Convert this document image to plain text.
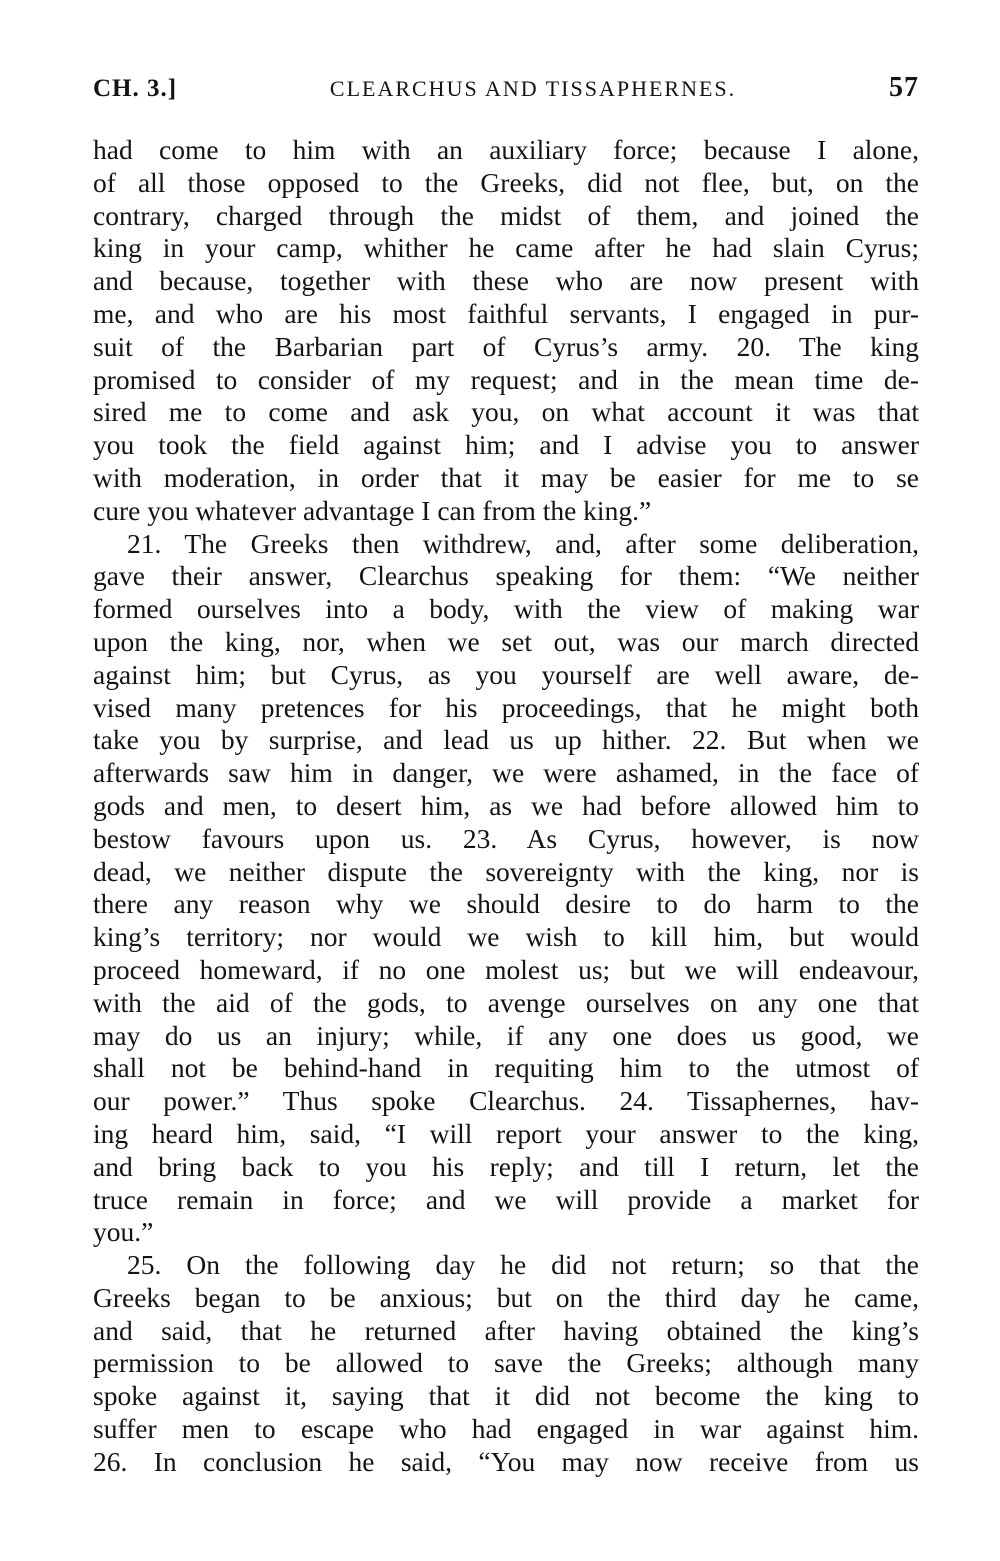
CH. 3.]	CLEARCHUS AND TISSAPHERNES.	57
had come to him with an auxiliary force; because I alone,
of all those opposed to the Greeks, did not flee, but, on the
contrary, charged through the midst of them, and joined the
king in your camp, whither he came after he had slain Cyrus;
and because, together with these who are now present with
me, and who are his most faithful servants, I engaged in pur-
suit of the Barbarian part of Cyrus’s army. 20. The king
promised to consider of my request; and in the mean time de-
sired me to come and ask you, on what account it was that
you took the field against him; and I advise you to answer
with moderation, in order that it may be easier for me to se
cure you whatever advantage I can from the king.”
21. The Greeks then withdrew, and, after some deliberation,
gave their answer, Clearchus speaking for them: “We neither
formed ourselves into a body, with the view of making war
upon the king, nor, when we set out, was our march directed
against him; but Cyrus, as you yourself are well aware, de-
vised many pretences for his proceedings, that he might both
take you by surprise, and lead us up hither. 22. But when we
afterwards saw him in danger, we were ashamed, in the face of
gods and men, to desert him, as we had before allowed him to
bestow favours upon us. 23. As Cyrus, however, is now
dead, we neither dispute the sovereignty with the king, nor is
there any reason why we should desire to do harm to the
king’s territory; nor would we wish to kill him, but would
proceed homeward, if no one molest us; but we will endeavour,
with the aid of the gods, to avenge ourselves on any one that
may do us an injury; while, if any one does us good, we
shall not be behind-hand in requiting him to the utmost of
our power.” Thus spoke Clearchus. 24. Tissaphernes, hav-
ing heard him, said, “I will report your answer to the king,
and bring back to you his reply; and till I return, let the
truce remain in force; and we will provide a market for
you.”
25. On the following day he did not return; so that the
Greeks began to be anxious; but on the third day he came,
and said, that he returned after having obtained the king’s
permission to be allowed to save the Greeks; although many
spoke against it, saying that it did not become the king to
suffer men to escape who had engaged in war against him.
26. In conclusion he said, “You may now receive from us
